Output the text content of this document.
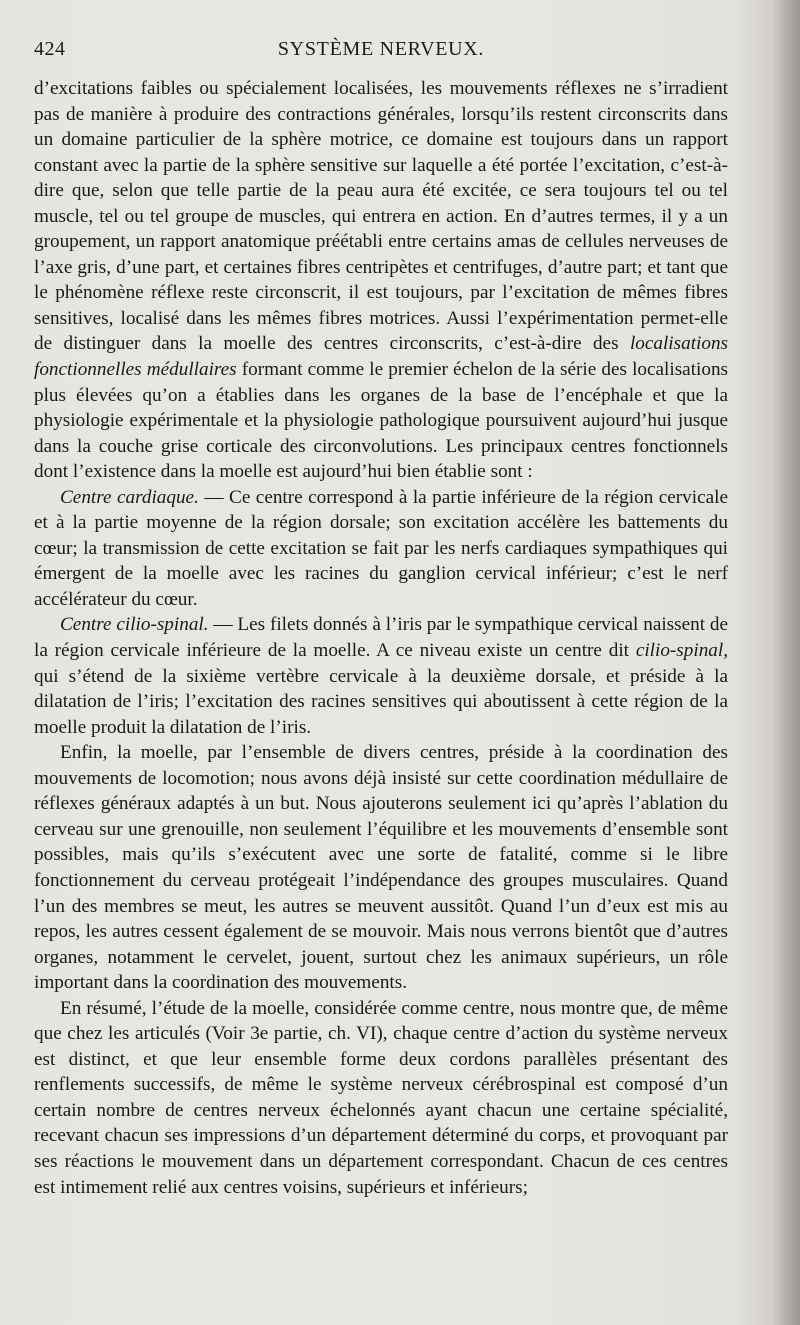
424	SYSTÈME NERVEUX.

d’excitations faibles ou spécialement localisées, les mouvements réflexes ne s’irradient pas de manière à produire des contractions générales, lorsqu’ils restent circonscrits dans un domaine particulier de la sphère motrice, ce domaine est toujours dans un rapport constant avec la partie de la sphère sensitive sur laquelle a été portée l’excitation, c’est-à-dire que, selon que telle partie de la peau aura été excitée, ce sera toujours tel ou tel muscle, tel ou tel groupe de muscles, qui entrera en action. En d’autres termes, il y a un groupement, un rapport anatomique préétabli entre certains amas de cellules nerveuses de l’axe gris, d’une part, et certaines fibres centripètes et centrifuges, d’autre part; et tant que le phénomène réflexe reste circonscrit, il est toujours, par l’excitation de mêmes fibres sensitives, localisé dans les mêmes fibres motrices. Aussi l’expérimentation permet-elle de distinguer dans la moelle des centres circonscrits, c’est-à-dire des localisations fonctionnelles médullaires formant comme le premier échelon de la série des localisations plus élevées qu’on a établies dans les organes de la base de l’encéphale et que la physiologie expérimentale et la physiologie pathologique poursuivent aujourd’hui jusque dans la couche grise corticale des circonvolutions. Les principaux centres fonctionnels dont l’existence dans la moelle est aujourd’hui bien établie sont :

Centre cardiaque. — Ce centre correspond à la partie inférieure de la région cervicale et à la partie moyenne de la région dorsale; son excitation accélère les battements du cœur; la transmission de cette excitation se fait par les nerfs cardiaques sympathiques qui émergent de la moelle avec les racines du ganglion cervical inférieur; c’est le nerf accélérateur du cœur.

Centre cilio-spinal. — Les filets donnés à l’iris par le sympathique cervical naissent de la région cervicale inférieure de la moelle. A ce niveau existe un centre dit cilio-spinal, qui s’étend de la sixième vertèbre cervicale à la deuxième dorsale, et préside à la dilatation de l’iris; l’excitation des racines sensitives qui aboutissent à cette région de la moelle produit la dilatation de l’iris.

Enfin, la moelle, par l’ensemble de divers centres, préside à la coordination des mouvements de locomotion; nous avons déjà insisté sur cette coordination médullaire de réflexes généraux adaptés à un but. Nous ajouterons seulement ici qu’après l’ablation du cerveau sur une grenouille, non seulement l’équilibre et les mouvements d’ensemble sont possibles, mais qu’ils s’exécutent avec une sorte de fatalité, comme si le libre fonctionnement du cerveau protégeait l’indépendance des groupes musculaires. Quand l’un des membres se meut, les autres se meuvent aussitôt. Quand l’un d’eux est mis au repos, les autres cessent également de se mouvoir. Mais nous verrons bientôt que d’autres organes, notamment le cervelet, jouent, surtout chez les animaux supérieurs, un rôle important dans la coordination des mouvements.

En résumé, l’étude de la moelle, considérée comme centre, nous montre que, de même que chez les articulés (Voir 3e partie, ch. VI), chaque centre d’action du système nerveux est distinct, et que leur ensemble forme deux cordons parallèles présentant des renflements successifs, de même le système nerveux cérébrospinal est composé d’un certain nombre de centres nerveux échelonnés ayant chacun une certaine spécialité, recevant chacun ses impressions d’un département déterminé du corps, et provoquant par ses réactions le mouvement dans un département correspondant. Chacun de ces centres est intimement relié aux centres voisins, supérieurs et inférieurs;
